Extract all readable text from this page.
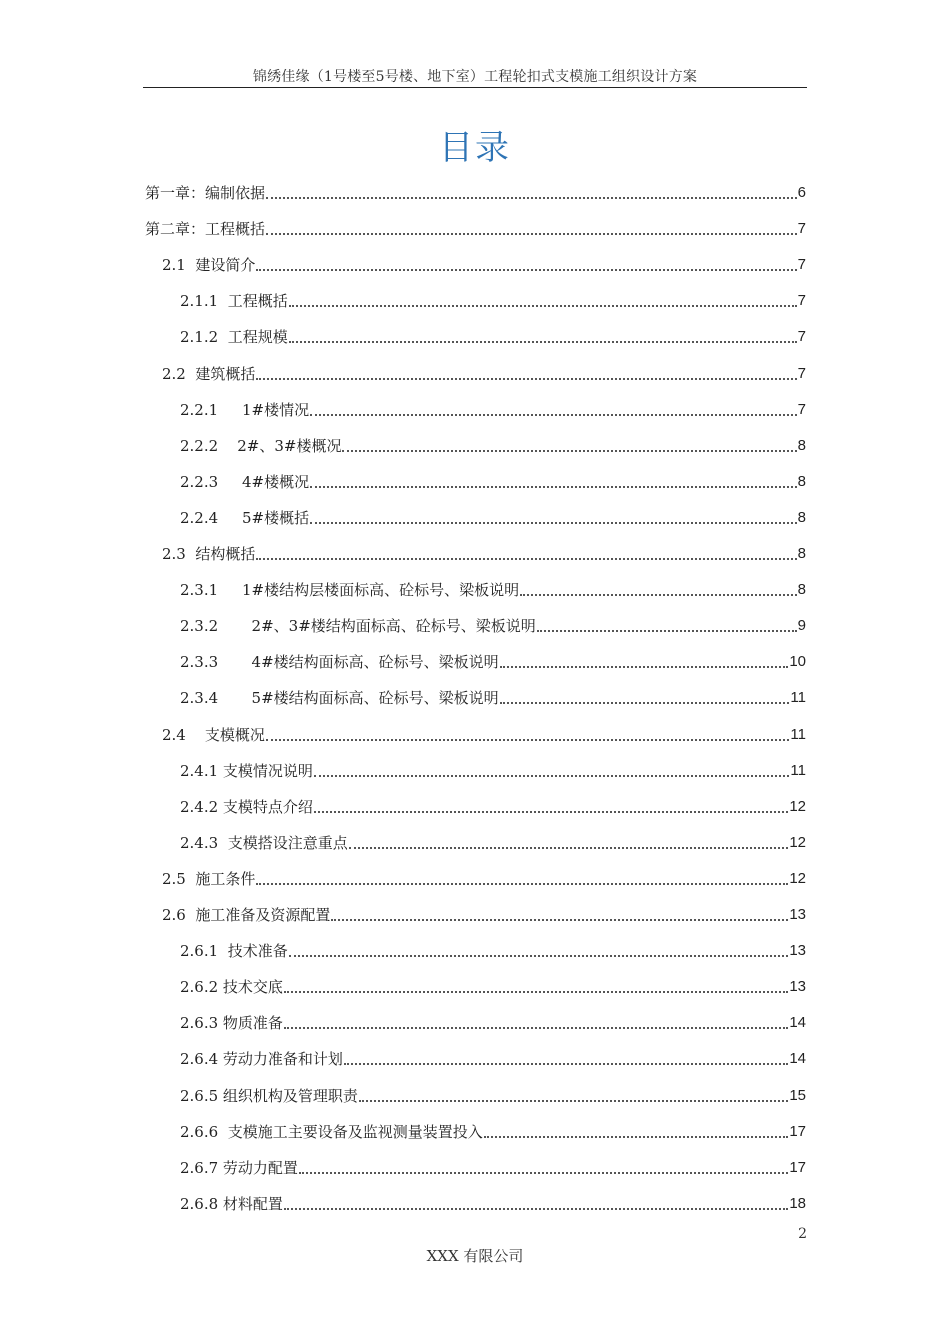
锦绣佳缘（1号楼至5号楼、地下室）工程轮扣式支模施工组织设计方案
目录
第一章：编制依据	6
第二章：工程概括	7
2.1  建设简介	7
2.1.1  工程概括	7
2.1.2  工程规模	7
2.2  建筑概括	7
2.2.1     1#楼情况	7
2.2.2    2#、3#楼概况	8
2.2.3     4#楼概况	8
2.2.4     5#楼概括	8
2.3  结构概括	8
2.3.1     1#楼结构层楼面标高、砼标号、梁板说明	8
2.3.2       2#、3#楼结构面标高、砼标号、梁板说明	9
2.3.3       4#楼结构面标高、砼标号、梁板说明	10
2.3.4       5#楼结构面标高、砼标号、梁板说明	11
2.4    支模概况	11
2.4.1 支模情况说明	11
2.4.2 支模特点介绍	12
2.4.3  支模搭设注意重点	12
2.5  施工条件	12
2.6  施工准备及资源配置	13
2.6.1  技术准备	13
2.6.2 技术交底	13
2.6.3 物质准备	14
2.6.4 劳动力准备和计划	14
2.6.5 组织机构及管理职责	15
2.6.6  支模施工主要设备及监视测量装置投入	17
2.6.7 劳动力配置	17
2.6.8 材料配置	18
2
XXX 有限公司
